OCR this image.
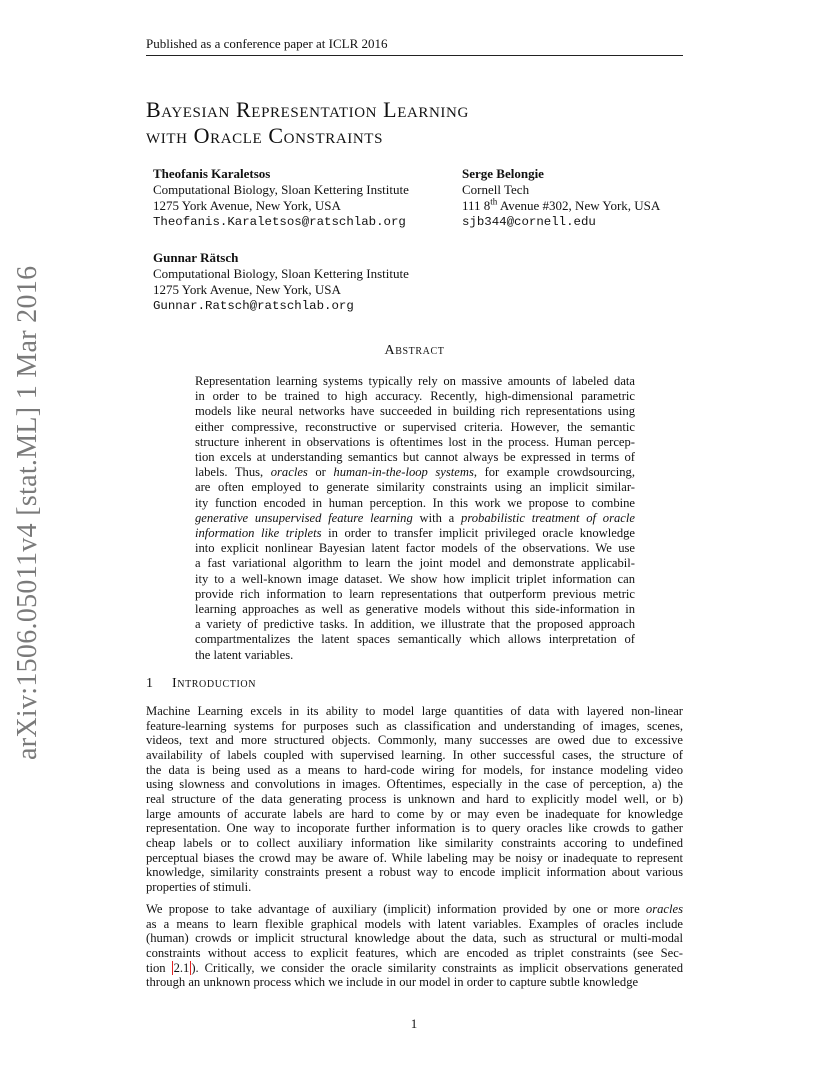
Published as a conference paper at ICLR 2016
Bayesian Representation Learning
with Oracle Constraints
Theofanis Karaletsos
Computational Biology, Sloan Kettering Institute
1275 York Avenue, New York, USA
Theofanis.Karaletsos@ratschlab.org
Serge Belongie
Cornell Tech
111 8th Avenue #302, New York, USA
sjb344@cornell.edu
Gunnar Rätsch
Computational Biology, Sloan Kettering Institute
1275 York Avenue, New York, USA
Gunnar.Ratsch@ratschlab.org
arXiv:1506.05011v4 [stat.ML] 1 Mar 2016	Abstract
Representation learning systems typically rely on massive amounts of labeled data
in order to be trained to high accuracy. Recently, high-dimensional parametric
models like neural networks have succeeded in building rich representations using
either compressive, reconstructive or supervised criteria. However, the semantic
structure inherent in observations is oftentimes lost in the process. Human percep-
tion excels at understanding semantics but cannot always be expressed in terms of
labels. Thus, oracles or human-in-the-loop systems, for example crowdsourcing,
are often employed to generate similarity constraints using an implicit similar-
ity function encoded in human perception. In this work we propose to combine
generative unsupervised feature learning with a probabilistic treatment of oracle
information like triplets in order to transfer implicit privileged oracle knowledge
into explicit nonlinear Bayesian latent factor models of the observations. We use
a fast variational algorithm to learn the joint model and demonstrate applicabil-
ity to a well-known image dataset. We show how implicit triplet information can
provide rich information to learn representations that outperform previous metric
learning approaches as well as generative models without this side-information in
a variety of predictive tasks. In addition, we illustrate that the proposed approach
compartmentalizes the latent spaces semantically which allows interpretation of
the latent variables.
1 Introduction
Machine Learning excels in its ability to model large quantities of data with layered non-linear
feature-learning systems for purposes such as classification and understanding of images, scenes,
videos, text and more structured objects. Commonly, many successes are owed due to excessive
availability of labels coupled with supervised learning. In other successful cases, the structure of
the data is being used as a means to hard-code wiring for models, for instance modeling video
using slowness and convolutions in images. Oftentimes, especially in the case of perception, a) the
real structure of the data generating process is unknown and hard to explicitly model well, or b)
large amounts of accurate labels are hard to come by or may even be inadequate for knowledge
representation. One way to incoporate further information is to query oracles like crowds to gather
cheap labels or to collect auxiliary information like similarity constraints accoring to undefined
perceptual biases the crowd may be aware of. While labeling may be noisy or inadequate to represent
knowledge, similarity constraints present a robust way to encode implicit information about various
properties of stimuli.
We propose to take advantage of auxiliary (implicit) information provided by one or more oracles
as a means to learn flexible graphical models with latent variables. Examples of oracles include
(human) crowds or implicit structural knowledge about the data, such as structural or multi-modal
constraints without access to explicit features, which are encoded as triplet constraints (see Sec-
tion 2.1 ). Critically, we consider the oracle similarity constraints as implicit observations generated
through an unknown process which we include in our model in order to capture subtle knowledge
1
